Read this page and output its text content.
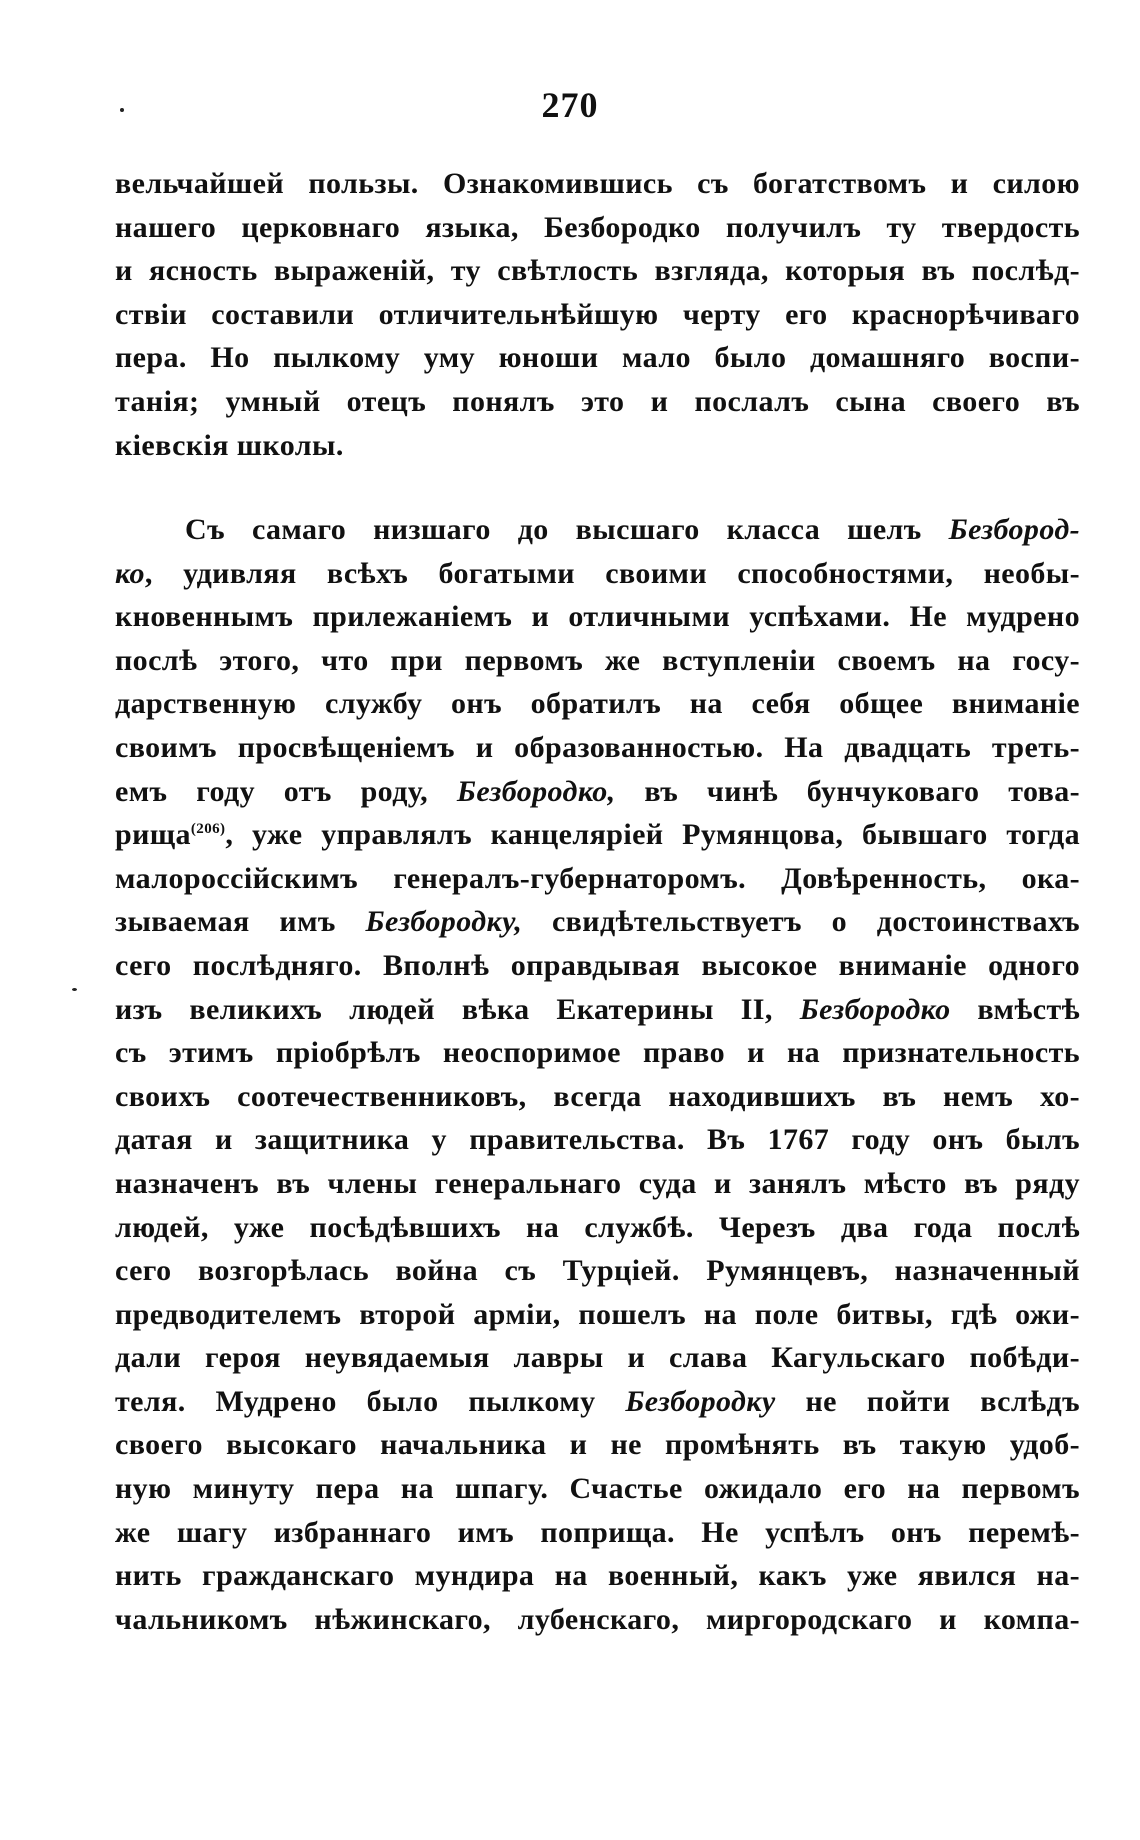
270
вельчайшей пользы. Ознакомившись съ богатствомъ и силою
нашего церковнаго языка, Безбородко получилъ ту твердость
и ясность выраженій, ту свѣтлость взгляда, которыя въ послѣд-
ствіи составили отличительнѣйшую черту его краснорѣчиваго
пера. Но пылкому уму юноши мало было домашняго воспи-
танія; умный отецъ понялъ это и послалъ сына своего въ
кіевскія школы.
Съ самаго низшаго до высшаго класса шелъ Безбород-
ко, удивляя всѣхъ богатыми своими способностями, необы-
кновеннымъ прилежаніемъ и отличными успѣхами. Не мудрено
послѣ этого, что при первомъ же вступленіи своемъ на госу-
дарственную службу онъ обратилъ на себя общее вниманіе
своимъ просвѣщеніемъ и образованностью. На двадцать треть-
емъ году отъ роду, Безбородко, въ чинѣ бунчуковаго това-
рища$^{(206)}$, уже управлялъ канцеляріей Румянцова, бывшаго тогда
малороссійскимъ генералъ-губернаторомъ. Довѣренность, ока-
зываемая имъ Безбородку, свидѣтельствуетъ о достоинствахъ
сего послѣдняго. Вполнѣ оправдывая высокое вниманіе одного
изъ великихъ людей вѣка Екатерины II, Безбородко вмѣстѣ
съ этимъ пріобрѣлъ неоспоримое право и на признательность
своихъ соотечественниковъ, всегда находившихъ въ немъ хо-
датая и защитника у правительства. Въ 1767 году онъ былъ
назначенъ въ члены генеральнаго суда и занялъ мѣсто въ ряду
людей, уже посѣдѣвшихъ на службѣ. Черезъ два года послѣ
сего возгорѣлась война съ Турціей. Румянцевъ, назначенный
предводителемъ второй арміи, пошелъ на поле битвы, гдѣ ожи-
дали героя неувядаемыя лавры и слава Кагульскаго побѣди-
теля. Мудрено было пылкому Безбородку не пойти вслѣдъ
своего высокаго начальника и не промѣнять въ такую удоб-
ную минуту пера на шпагу. Счастье ожидало его на первомъ
же шагу избраннаго имъ поприща. Не успѣлъ онъ перемѣ-
нить гражданскаго мундира на военный, какъ уже явился на-
чальникомъ нѣжинскаго, лубенскаго, миргородскаго и компа-
